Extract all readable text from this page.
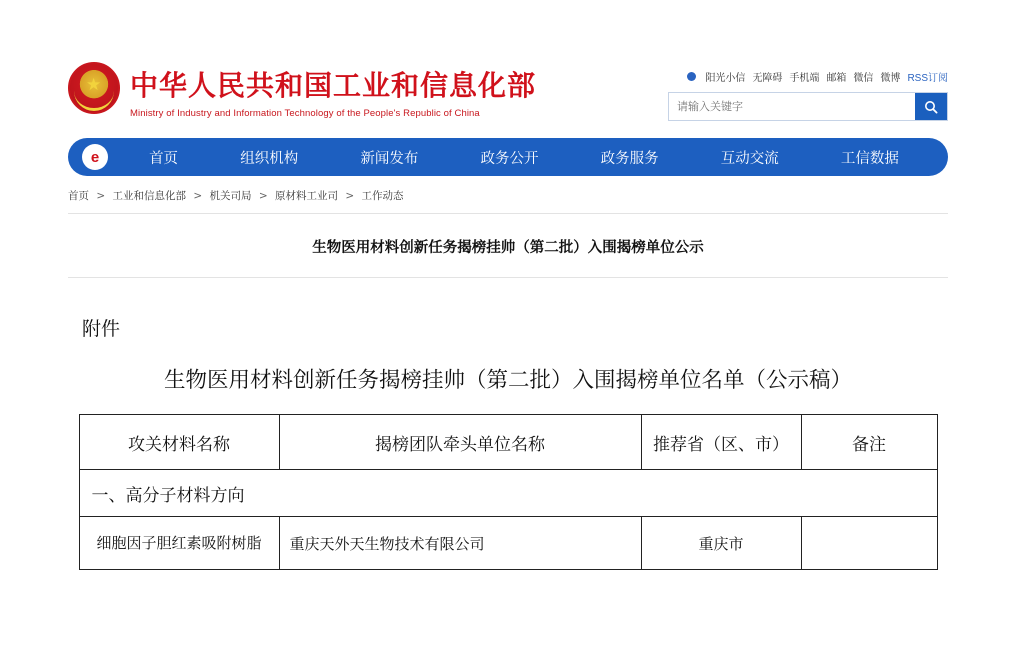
★ 中华人民共和国工业和信息化部
Ministry of Industry and Information Technology of the People's Republic of China
阳光小信 无障碍 手机端 邮箱 微信 微博 RSS订阅
请输入关键字
e	首页	组织机构	新闻发布	政务公开	政务服务	互动交流	工信数据
首页 > 工业和信息化部 > 机关司局 > 原材料工业司 > 工作动态
生物医用材料创新任务揭榜挂帅（第二批）入围揭榜单位公示
附件
生物医用材料创新任务揭榜挂帅（第二批）入围揭榜单位名单（公示稿）
攻关材料名称	揭榜团队牵头单位名称	推荐省（区、市）	备注
一、高分子材料方向			
细胞因子胆红素吸附树脂	重庆天外天生物技术有限公司	重庆市	
